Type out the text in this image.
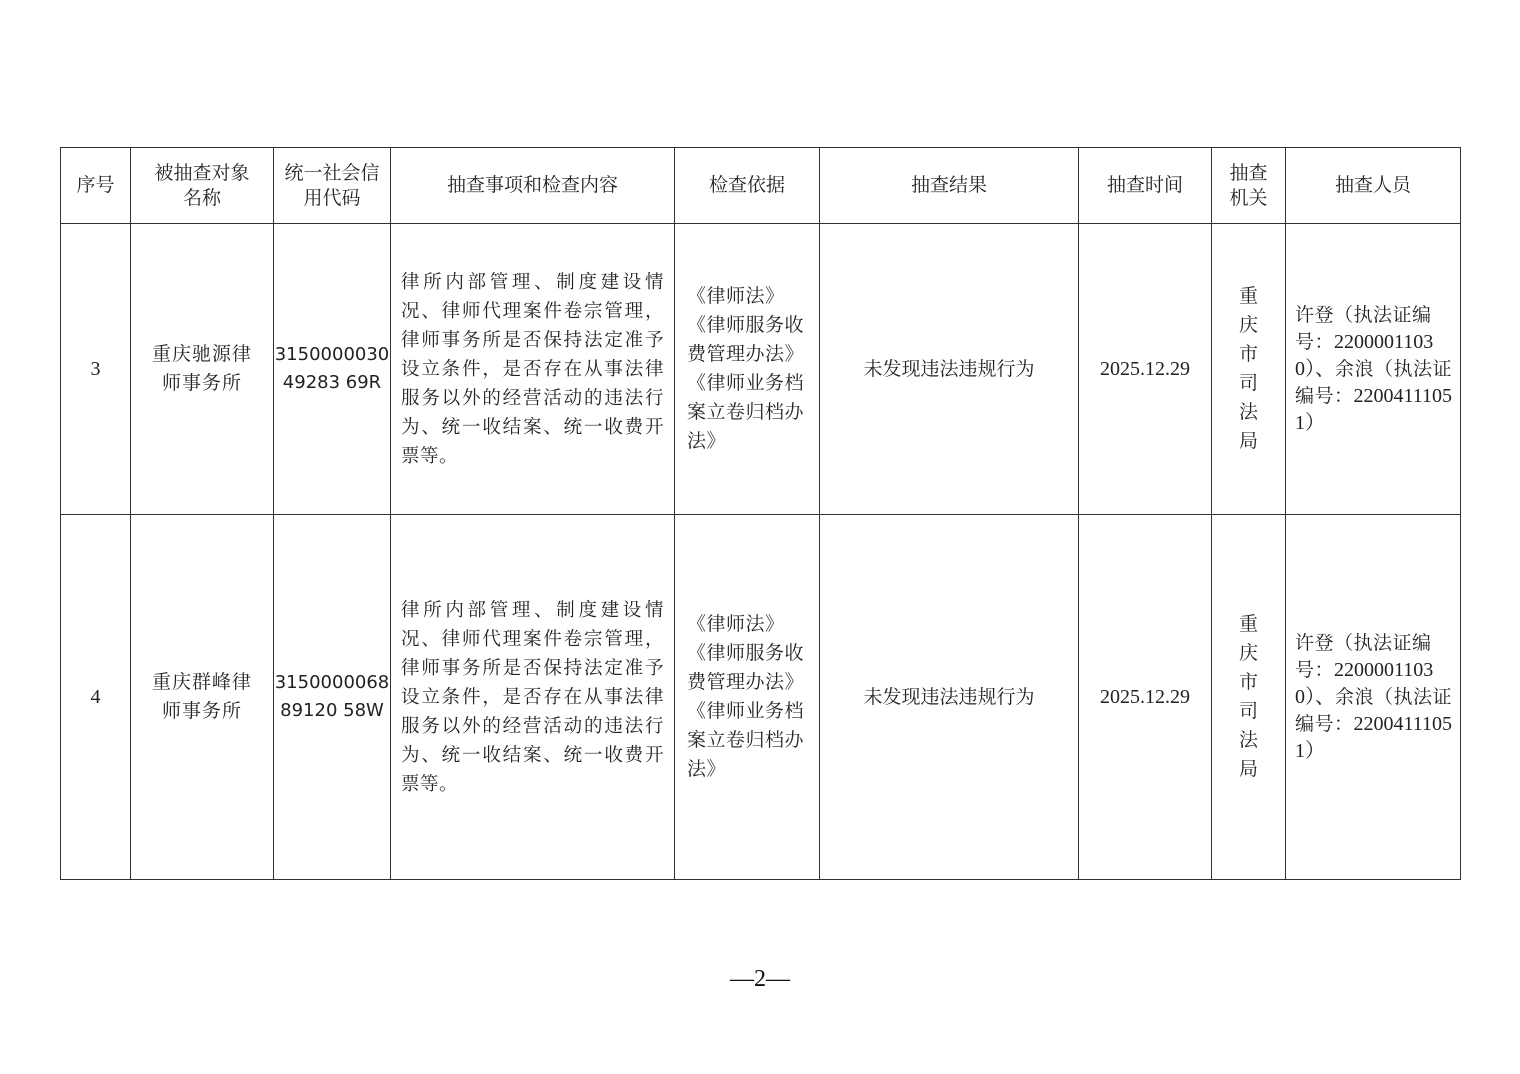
序号	被抽查对象名称	统一社会信用代码	抽查事项和检查内容	检查依据	抽查结果	抽查时间	抽查机关	抽查人员
3	重庆驰源律师事务所	315000003049283 69R	律所内部管理、制度建设情况、律师代理案件卷宗管理，律师事务所是否保持法定准予设立条件，是否存在从事法律服务以外的经营活动的违法行为、统一收结案、统一收费开票等。	《律师法》《律师服务收费管理办法》《律师业务档案立卷归档办法》	未发现违法违规行为	2025.12.29	重庆市司法局	许登（执法证编号：22000011030）、余浪（执法证编号：22004111051）
4	重庆群峰律师事务所	315000006889120 58W	律所内部管理、制度建设情况、律师代理案件卷宗管理，律师事务所是否保持法定准予设立条件，是否存在从事法律服务以外的经营活动的违法行为、统一收结案、统一收费开票等。	《律师法》《律师服务收费管理办法》《律师业务档案立卷归档办法》	未发现违法违规行为	2025.12.29	重庆市司法局	许登（执法证编号：22000011030）、余浪（执法证编号：22004111051）
—2—
